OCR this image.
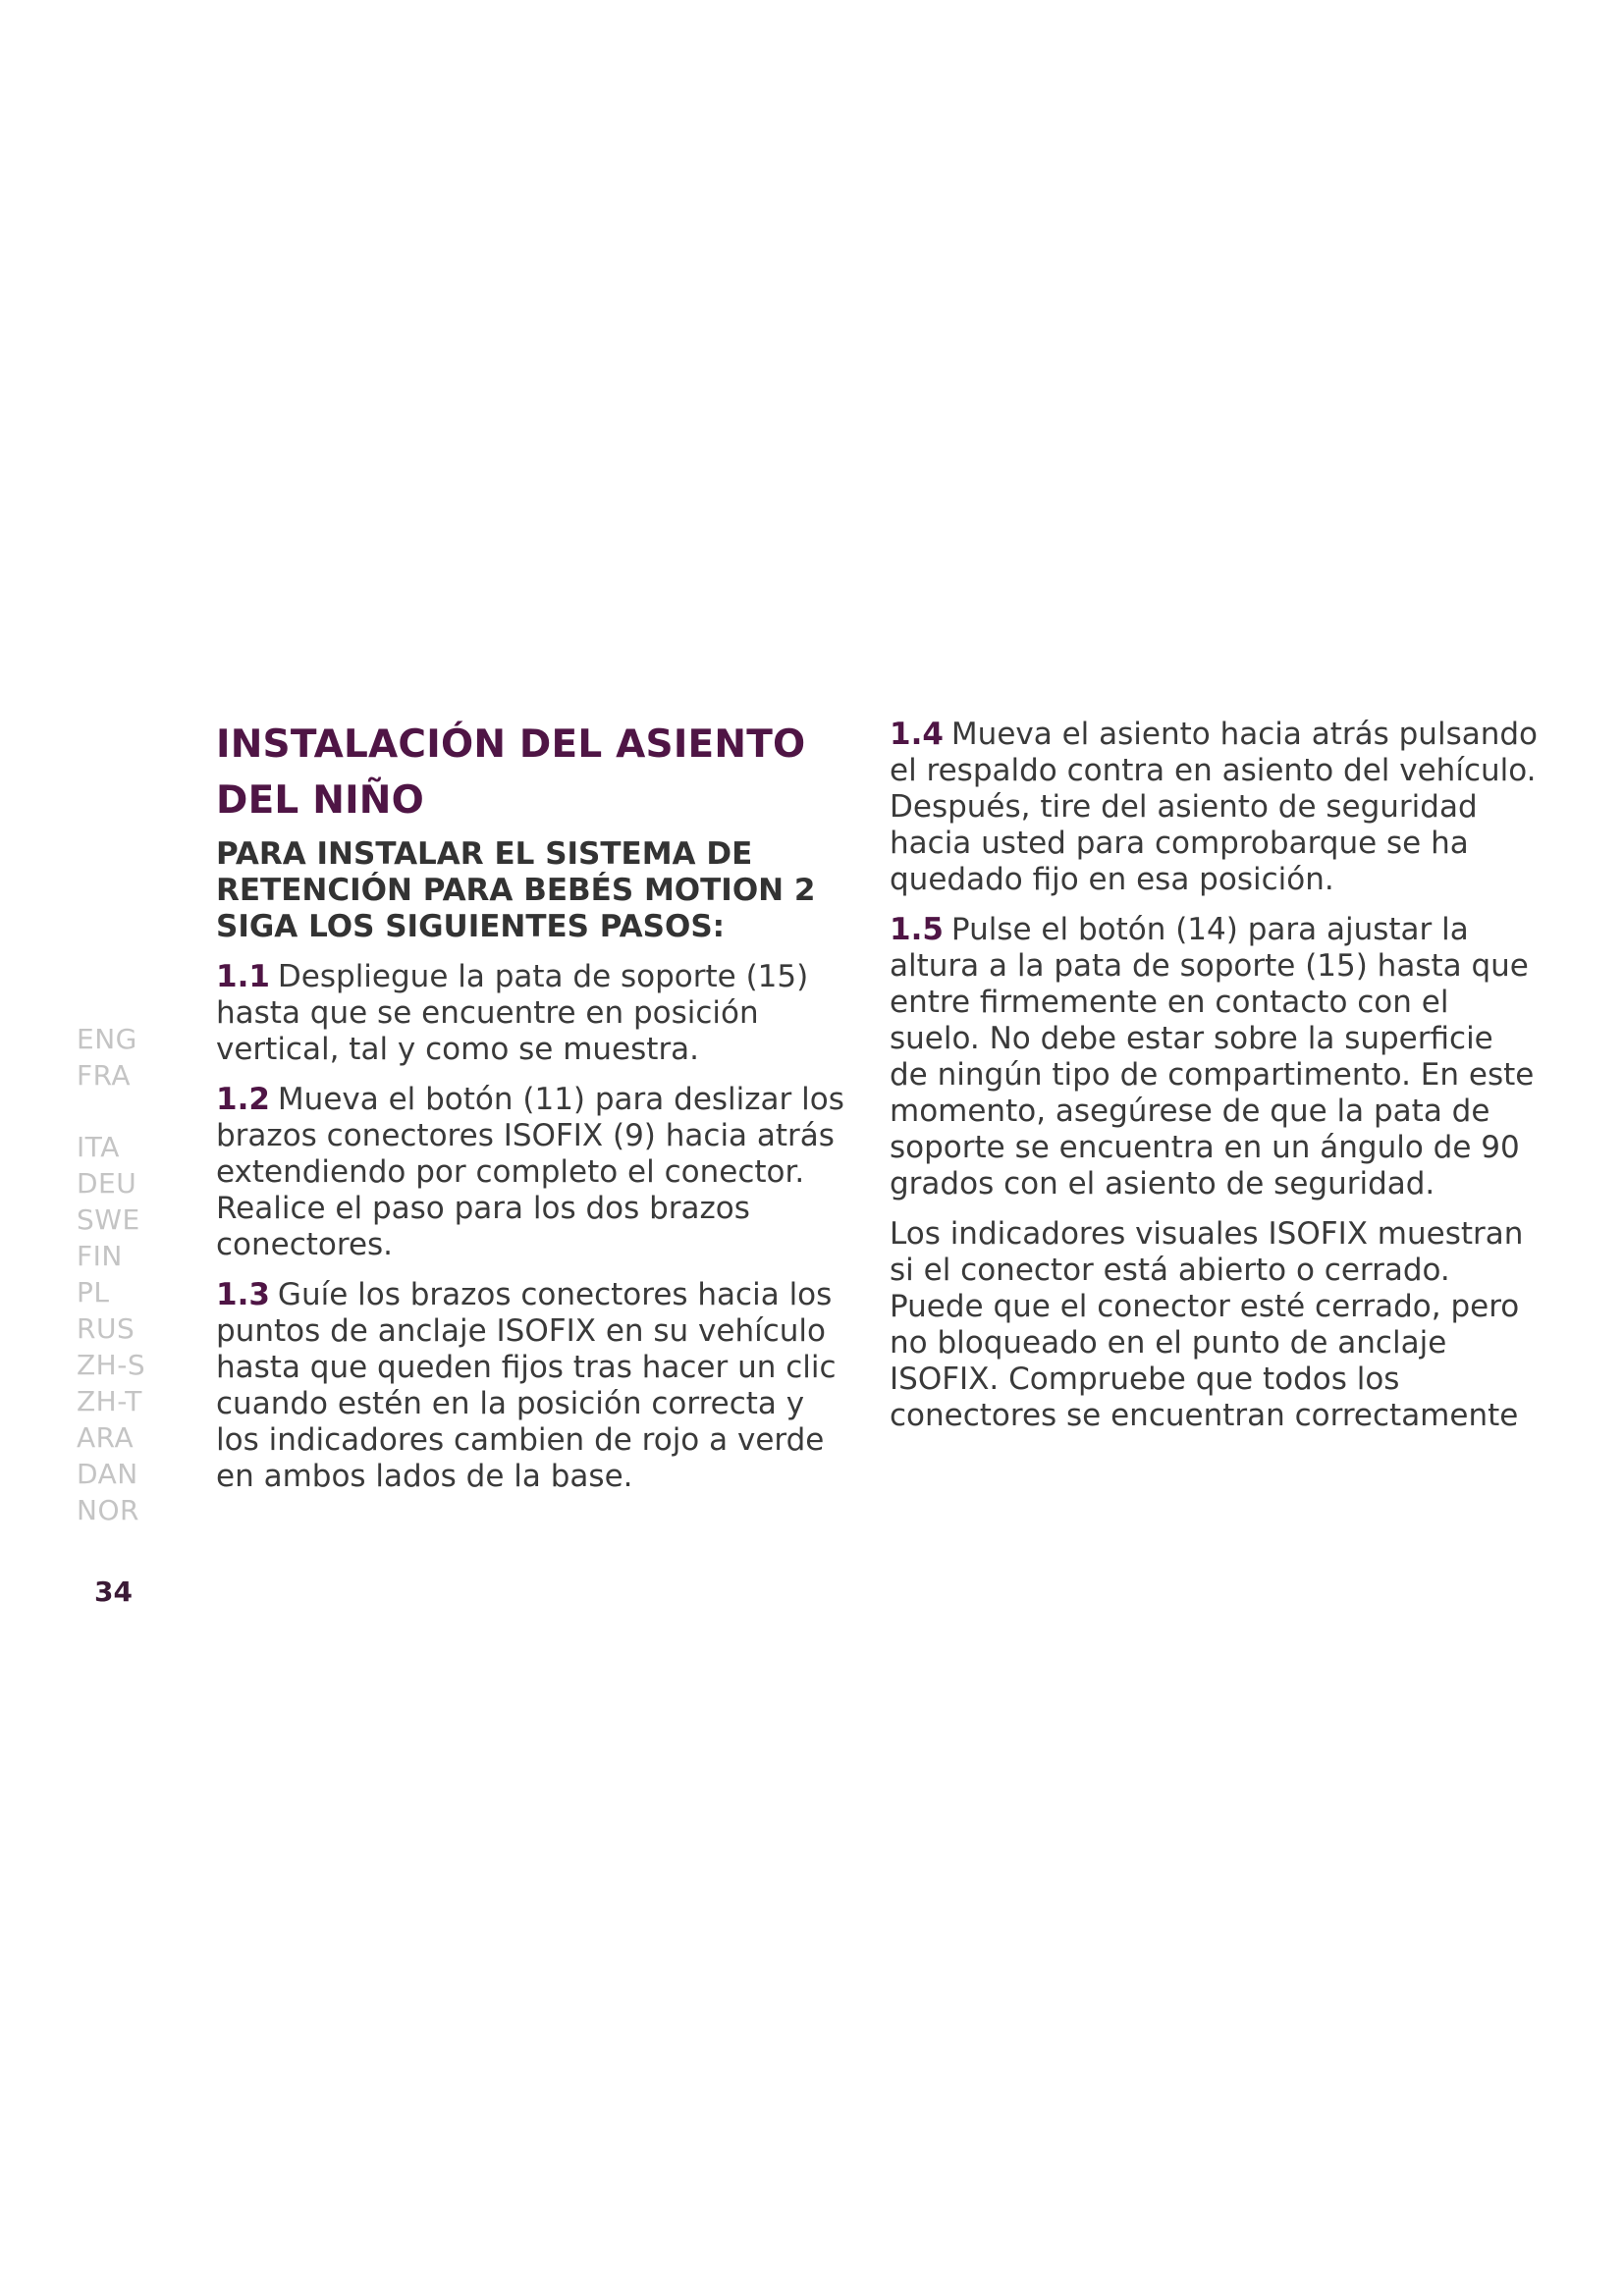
INSTALACIÓN DEL ASIENTO DEL NIÑO

PARA INSTALAR EL SISTEMA DE RETENCIÓN PARA BEBÉS MOTION 2 SIGA LOS SIGUIENTES PASOS:

1.1 Despliegue la pata de soporte (15) hasta que se encuentre en posición vertical, tal y como se muestra.

1.2 Mueva el botón (11) para deslizar los brazos conectores ISOFIX (9) hacia atrás extendiendo por completo el conector. Realice el paso para los dos brazos conectores.

1.3 Guíe los brazos conectores hacia los puntos de anclaje ISOFIX en su vehículo hasta que queden fijos tras hacer un clic cuando estén en la posición correcta y los indicadores cambien de rojo a verde en ambos lados de la base.

1.4 Mueva el asiento hacia atrás pulsando el respaldo contra en asiento del vehículo. Después, tire del asiento de seguridad hacia usted para comprobarque se ha quedado fijo en esa posición.

1.5 Pulse el botón (14) para ajustar la altura a la pata de soporte (15) hasta que entre firmemente en contacto con el suelo. No debe estar sobre la superficie de ningún tipo de compartimento. En este momento, asegúrese de que la pata de soporte se encuentra en un ángulo de 90 grados con el asiento de seguridad.

Los indicadores visuales ISOFIX muestran si el conector está abierto o cerrado. Puede que el conector esté cerrado, pero no bloqueado en el punto de anclaje ISOFIX. Compruebe que todos los conectores se encuentran correctamente

ENG
FRA
ITA
DEU
SWE
FIN
PL
RUS
ZH-S
ZH-T
ARA
DAN
NOR
34
